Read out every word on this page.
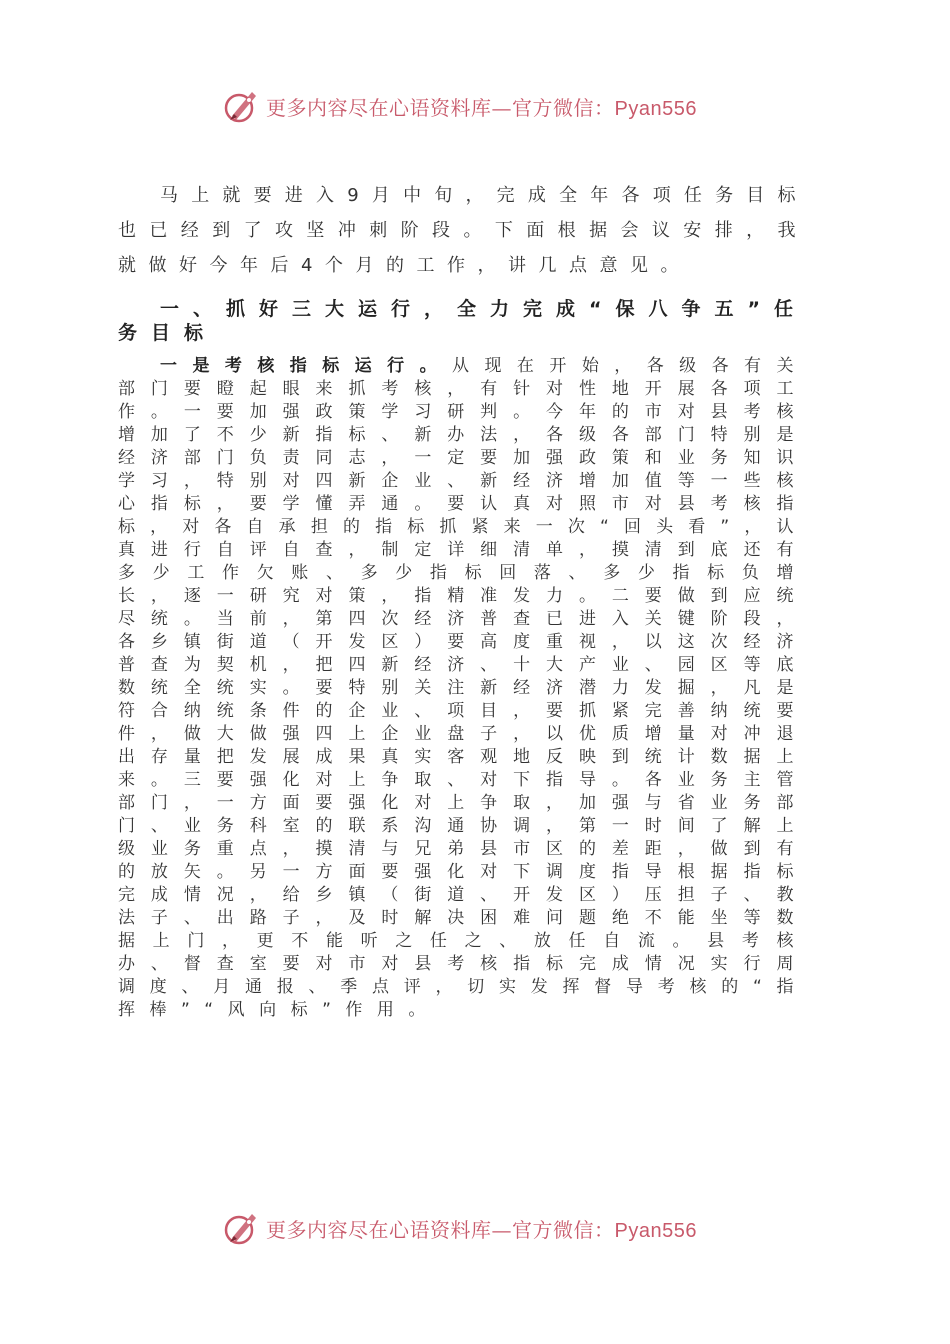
更多内容尽在心语资料库—官方微信：Pyan556

马上就要进入9月中旬，完成全年各项任务目标也已经到了攻坚冲刺阶段。下面根据会议安排，我就做好今年后4个月的工作，讲几点意见。

一、抓好三大运行，全力完成“保八争五”任务目标

一是考核指标运行。从现在开始，各级各有关部门要瞪起眼来抓考核，有针对性地开展各项工作。一要加强政策学习研判。今年的市对县考核增加了不少新指标、新办法，各级各部门特别是经济部门负责同志，一定要加强政策和业务知识学习，特别对四新企业、新经济增加值等一些核心指标，要学懂弄通。要认真对照市对县考核指标，对各自承担的指标抓紧来一次“回头看”，认真进行自评自查，制定详细清单，摸清到底还有多少工作欠账、多少指标回落、多少指标负增长，逐一研究对策，指精准发力。二要做到应统尽统。当前，第四次经济普查已进入关键阶段，各乡镇街道（开发区）要高度重视，以这次经济普查为契机，把四新经济、十大产业、园区等底数统全统实。要特别关注新经济潜力发掘，凡是符合纳统条件的企业、项目，要抓紧完善纳统要件，做大做强四上企业盘子，以优质增量对冲退出存量把发展成果真实客观地反映到统计数据上来。三要强化对上争取、对下指导。各业务主管部门，一方面要强化对上争取，加强与省业务部门、业务科室的联系沟通协调，第一时间了解上级业务重点，摸清与兄弟县市区的差距，做到有的放矢。另一方面要强化对下调度指导根据指标完成情况，给乡镇（街道、开发区）压担子、教法子、出路子，及时解决困难问题绝不能坐等数据上门，更不能听之任之、放任自流。县考核办、督查室要对市对县考核指标完成情况实行周调度、月通报、季点评，切实发挥督导考核的“指挥棒”“风向标”作用。

更多内容尽在心语资料库—官方微信：Pyan556
